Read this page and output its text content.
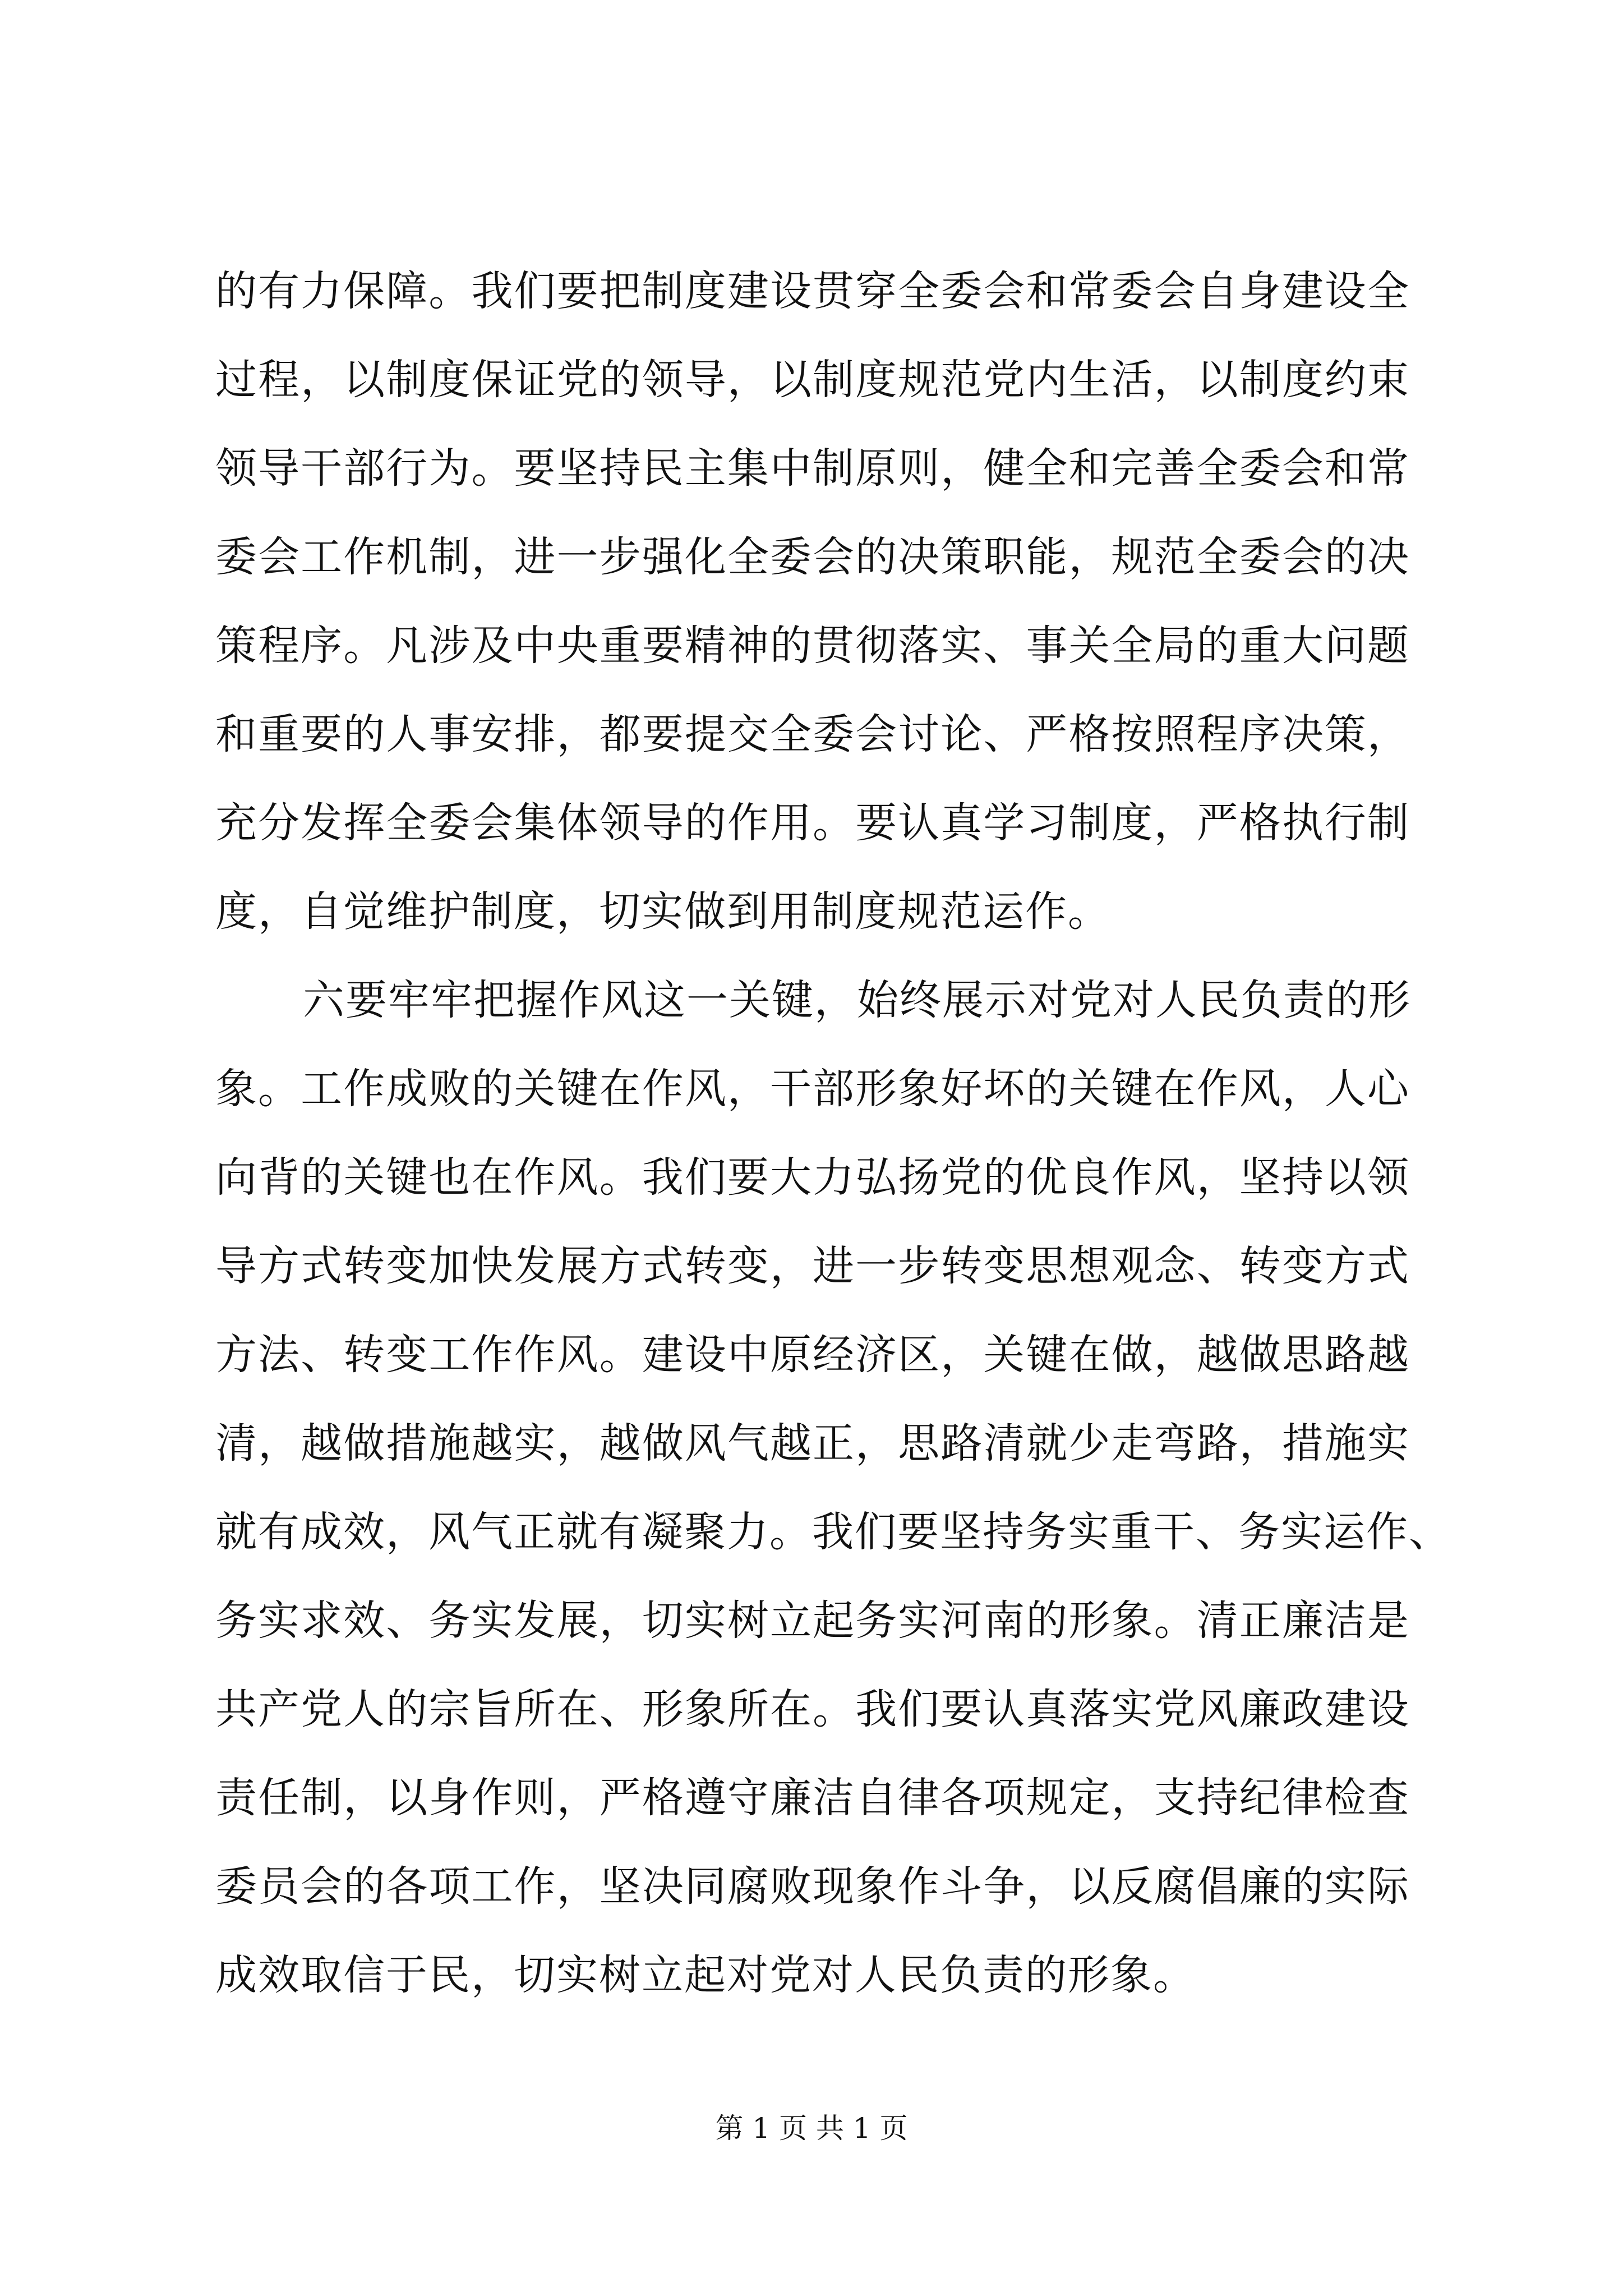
的有力保障。我们要把制度建设贯穿全委会和常委会自身建设全
过程，以制度保证党的领导，以制度规范党内生活，以制度约束
领导干部行为。要坚持民主集中制原则，健全和完善全委会和常
委会工作机制，进一步强化全委会的决策职能，规范全委会的决
策程序。凡涉及中央重要精神的贯彻落实、事关全局的重大问题
和重要的人事安排，都要提交全委会讨论、严格按照程序决策，
充分发挥全委会集体领导的作用。要认真学习制度，严格执行制
度，自觉维护制度，切实做到用制度规范运作。
六要牢牢把握作风这一关键，始终展示对党对人民负责的形
象。工作成败的关键在作风，干部形象好坏的关键在作风，人心
向背的关键也在作风。我们要大力弘扬党的优良作风，坚持以领
导方式转变加快发展方式转变，进一步转变思想观念、转变方式
方法、转变工作作风。建设中原经济区，关键在做，越做思路越
清，越做措施越实，越做风气越正，思路清就少走弯路，措施实
就有成效，风气正就有凝聚力。我们要坚持务实重干、务实运作、
务实求效、务实发展，切实树立起务实河南的形象。清正廉洁是
共产党人的宗旨所在、形象所在。我们要认真落实党风廉政建设
责任制，以身作则，严格遵守廉洁自律各项规定，支持纪律检查
委员会的各项工作，坚决同腐败现象作斗争，以反腐倡廉的实际
成效取信于民，切实树立起对党对人民负责的形象。
第 1 页 共 1 页
